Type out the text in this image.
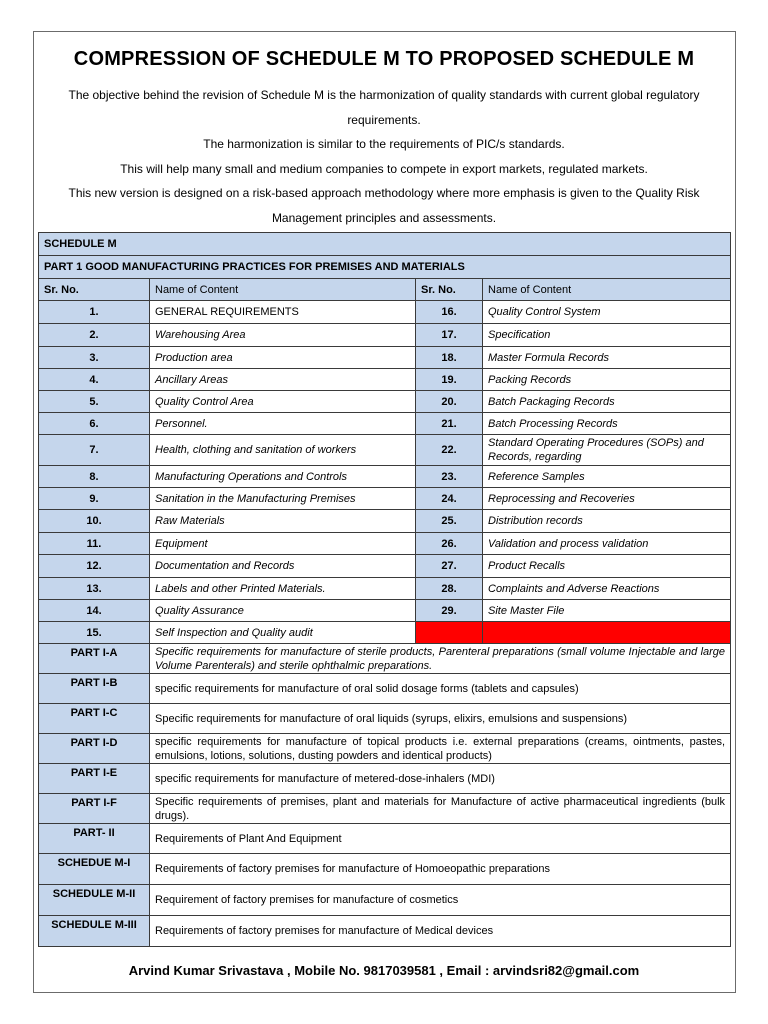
COMPRESSION OF SCHEDULE M TO PROPOSED SCHEDULE M

The objective behind the revision of Schedule M is the harmonization of quality standards with current global regulatory requirements.

The harmonization is similar to the requirements of PIC/s standards.

This will help many small and medium companies to compete in export markets, regulated markets.

This new version is designed on a risk-based approach methodology where more emphasis is given to the Quality Risk Management principles and assessments.

SCHEDULE M			
PART 1 GOOD MANUFACTURING PRACTICES FOR PREMISES AND MATERIALS			
Sr. No.	Name of Content	Sr. No.	Name of Content
1.	GENERAL REQUIREMENTS	16.	Quality Control System
2.	Warehousing Area	17.	Specification
3.	Production area	18.	Master Formula Records
4.	Ancillary Areas	19.	Packing Records
5.	Quality Control Area	20.	Batch Packaging Records
6.	Personnel.	21.	Batch Processing Records
7.	Health, clothing and sanitation of workers	22.	Standard Operating Procedures (SOPs) and Records, regarding
8.	Manufacturing Operations and Controls	23.	Reference Samples
9.	Sanitation in the Manufacturing Premises	24.	Reprocessing and Recoveries
10.	Raw Materials	25.	Distribution records
11.	Equipment	26.	Validation and process validation
12.	Documentation and Records	27.	Product Recalls
13.	Labels and other Printed Materials.	28.	Complaints and Adverse Reactions
14.	Quality Assurance	29.	Site Master File
15.	Self Inspection and Quality audit		
PART I-A	Specific requirements for manufacture of sterile products, Parenteral preparations (small volume Injectable and large Volume Parenterals) and sterile ophthalmic preparations.		
PART I-B	specific requirements for manufacture of oral solid dosage forms (tablets and capsules)		
PART I-C	Specific requirements for manufacture of oral liquids (syrups, elixirs, emulsions and suspensions)		
PART I-D	specific requirements for manufacture of topical products i.e. external preparations (creams, ointments, pastes, emulsions, lotions, solutions, dusting powders and identical products)		
PART I-E	specific requirements for manufacture of metered-dose-inhalers (MDI)		
PART I-F	Specific requirements of premises, plant and materials for Manufacture of active pharmaceutical ingredients (bulk drugs).		
PART- II	Requirements of Plant And Equipment		
SCHEDUE M-I	Requirements of factory premises for manufacture of Homoeopathic preparations		
SCHEDULE M-II	Requirement of factory premises for manufacture of cosmetics		
SCHEDULE M-III	Requirements of factory premises for manufacture of Medical devices		
Arvind Kumar Srivastava , Mobile No. 9817039581 , Email : arvindsri82@gmail.com
